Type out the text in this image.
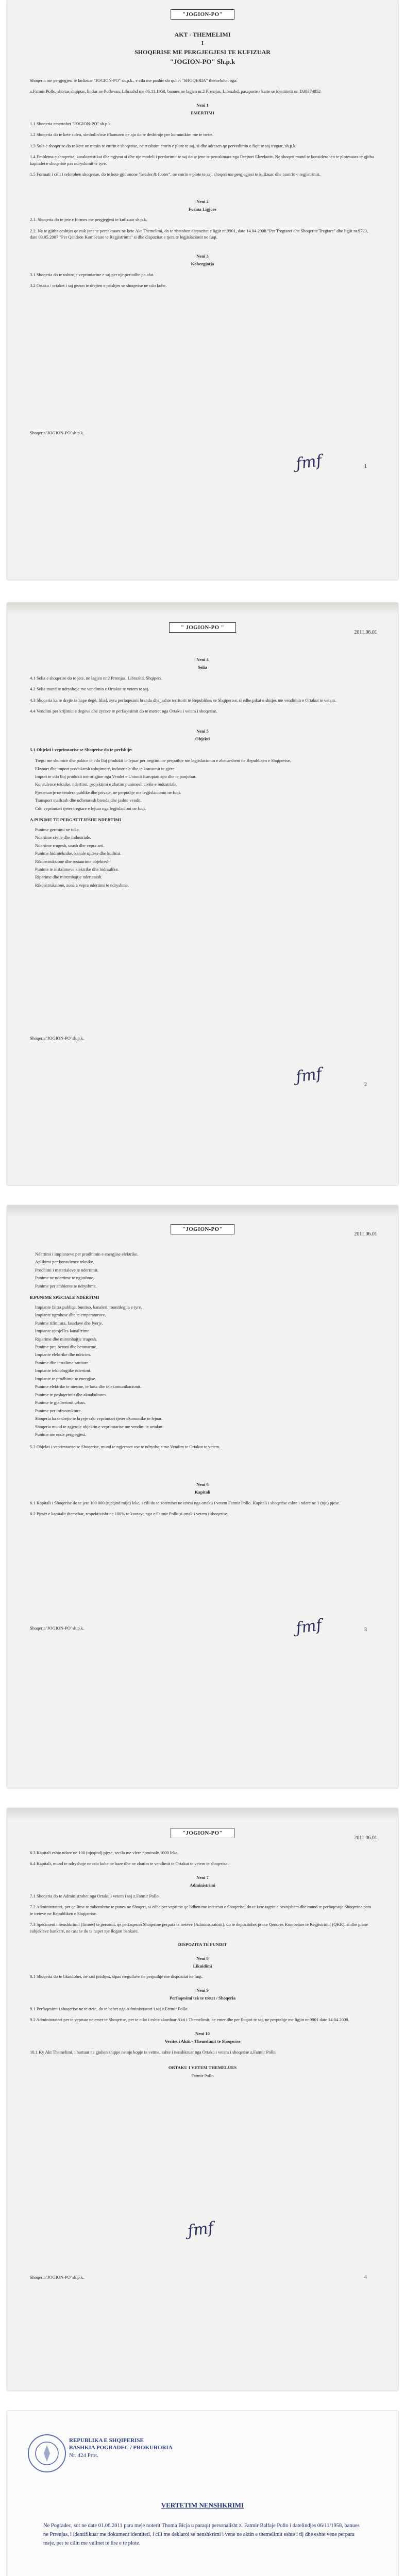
"JOGION-PO"
AKT - THEMELIMI
I
SHOQERISE ME PERGJEGJESI TE KUFIZUAR
"JOGION-PO" Sh.p.k

Shoqeria me pergjegjesi te kufizuar "JOGION-PO" sh.p.k., e cila me poshte do quhet "SHOQERIA" themelohet nga:

a.Fatmir Pollo, shtetas shqiptar, lindur ne Pollovan, Librazhd me 06.11.1958, banues ne lagjen nr.2 Prrenjas, Librazhd, pasaporte / karte se identitetit nr. D38374852

Neni 1
EMERTIMI

1.1 Shoqeria emertohet "JOGION-PO" sh.p.k.

1.2 Shoqeria do te kete sulen, simbolin/ose iflamuren qe ajo do te deshiroje per komunikim me te tretet.

1.3 Sula e shoqerise do te kete ne mesin te emrin e shoqerise, ne rreshtim emrin e plote te saj, si dhe adresen qe pervedimin e fiqit te saj tregtar, sh.p.k.

1.4 Emblema e shoqerise, karakteristikat dhe ngjyrat si dhe nje modeli i perdorimit te saj do te jene te percaktuara nga Drejtori Ekzekutiv. Ne shoqeri mund te konsiderohen te plotesuara te gjitha kapitalet e shoqerise pas ndryshimit te tyre.

1.5 Formati i cilit i referohen shoqerise, do te kete gjithmone "header & footer", ne emrin e plote te saj, shoqeri me pergjegjesi te kufizuar dhe numrin e regjistrimit.

Neni 2
Forma Ligjore

2.1. Shoqeria do te jete e formes me pergjegjesi te kufizuar sh.p.k.

2.2. Ne te gjitha ceshtjet qe nuk jane te percaktuara ne kete Akt Themelimi, do te zbatohen dispozitat e ligjit nr.9901, date 14.04.2008 "Per Tregtaret dhe Shoqerite Tregtare" dhe ligjit nr.9723, date 03.05.2007 "Per Qendren Kombetare te Regjistrimit" si dhe dispozitat e tjera te legjislacionit ne fuqi.

Neni 3
Kohezgjatja

3.1 Shoqeria do te ushtroje veprimtarine e saj per nje periudhe pa afat.

3.2 Ortaku / ortaket i saj gezon te drejten e prishjes se shoqerise ne cdo kohe.

Shoqeria"JOGION-PO"sh.p.k.
ƒmf	1
" JOGION-PO "
2011.06.01
Neni 4
Selia

4.1 Selia e shoqerise do te jete, ne lagjen nr.2 Prrenjas, Librazhd, Shqiperi.

4.2 Selia mund te ndryshoje me vendimin e Ortakut te vetem te saj.

4.3 Shoqeria ka te drejte te hape degë, filial, zyra perfaqesimi brenda dhe jashte territorit te Republikes se Shqiperise, si edhe pikat e shitjes me vendimin e Ortakut te vetem.

4.4 Vendimi per krijimin e degeve dhe zyrave te perfaqesimit do te merret nga Ortaku i vetem i shoqerise.

Neni 5
Objekti

5.1 Objekti i veprimtarise se Shoqerise do te perfshije:

Tregti me shumice dhe pakice te cdo lloj produkti te lejuar per tregtim, ne perputhje me legjislacionin e zbatueshem ne Republiken e Shqiperise.
Eksport dhe import produktesh ushqimore, industriale dhe te konsumit te gjere.
Import te cdo lloj produkti me origjine nga Vendet e Unionit Europian apo dhe te panjohur.
Konsulence teknike, ndertimi, projektimi e zbatim punimesh civile e industriale.
Pjesemarrje ne tendera publike dhe private, ne perputhje me legjislacionin ne fuqi.
Transport mallrash dhe udhetaresh brenda dhe jashte vendit.
Cdo veprimtari tjeter tregtare e lejuar nga legjislacioni ne fuqi.
A.PUNIME TE PERGATITJESHE NDERTIMI
Punime germimi ne toke.
Ndertime civile dhe industriale.
Ndertime rrugesh, urash dhe vepra arti.
Punime hidroteknike, kanale ujitese dhe kullimi.
Rikonstruksione dhe restaurime objektesh.
Punime te instalimeve elektrike dhe hidraulike.
Riparime dhe mirembajtje ndertesash.
Rikonstruksione, zona a vepra ndertimi te ndryshme.
Shoqeria"JOGION-PO"sh.p.k.
ƒmf	2
"JOGION-PO"
2011.06.01
Ndertimi i impianteve per prodhimin e energjise elektrike.
Aplikimi per konsulence teknike.
Prodhimi i materialeve te ndertimit.
Punime ne ndertime te ngjashme.
Punime per ambiente te ndryshme.
B.PUNIME SPECIALE NDERTIMI
Impiante faltra publiqe, bunitso, kanaleri, monitlegjia e tyre.
Impiante ngrohese dhe te emperaturave.
Punime rifinitura, fasadave dhe lyerje.
Impiante ujesjelles-kanalizime.
Riparime dhe mirembajtje rrugesh.
Punime prej betoni dhe betonarme.
Impiante elektrike dhe ndricim.
Punime dhe instalime sanitare.
Impiante teknologjike ndertimi.
Impiante te prodhimit te energjise.
Punime elektrike te mesme, te larta dhe telekomunikacionit.
Punime te peshqerimit dhe akuakultures.
Punime te gjelberimit urban.
Punime per infrastrukture.
Shoqeria ka te drejte te kryeje cdo veprimtari tjeter ekonomike te lejuar.
Shoqeria mund te zgjeroje objektin e veprimtarise me vendim te ortakut.
Punime me ende pergjegjesi.

5.2 Objekti i veprimtarise se Shoqerise, mund te ngjeroset ose te ndryshoje me Vendim te Ortakut te vetem.

Neni 6
Kapitali

6.1 Kapitali i Shoqerise do te jete 100 000 (njeqind mije) leke, i cili do te zoteruhet ne teresi nga ortaku i vetem Fatmir Pollo. Kapitali i shoqerise eshte i ndare ne 1 (nje) pjese.

6.2 Pjesët e kapitalit themeltar, respektivisht ne 100% te kuotave nga z.Fatmir Pollo si ortak i vetem i shoqerise.

Shoqeria"JOGION-PO"sh.p.k.	ƒmf	3
"JOGION-PO"
2011.06.01

6.3 Kapitali eshte ndare ne 100 (njeqind) pjese, secila me vlere nominale 1000 leke.

6.4 Kapitali, mund te ndryshoje ne cdo kohe ne baze dhe ne zbatim te vendimit te Ortakut te vetem te shoqerise.

Neni 7
Administrimi

7.1 Shoqeria do te Administrohet nga Ortaku i vetem i saj z.Fatmir Pollo

7.2 Administratori, per qellime te zakonshme te punes ne Shoqeri, si edhe per veprime qe lidhen me interesat e Shoqerise, do te kete tagrin e nevojshem dhe mund te perfaqesoje Shoqerine para te treteve ne Republiken e Shqiperise.

7.3 Specimeni i nenshkrimit (firmes) te personit, qe perfaqeson Shoqerine perpara te treteve (Administratorit), do te depozitohet prane Qendres Kombetare te Regjistrimit (QKR), si dhe prane subjekteve bankare, ne rast se do te hapet nje llogari bankare.

DISPOZITA TE FUNDIT
Neni 8
Likuidimi

8.1 Shoqeria do te likuidohet, ne rast prishjes, sipas rregullave ne perputhje me dispozitat ne fuqi.

Neni 9
Perfaqesimi tek te tretet / Shoqeria

9.1 Perfaqesimi i shoqerise ne te trete, do te behet nga Administratori i saj z.Fatmir Pollo.

9.2 Administratori per te vepruar ne emer te Shoqerise, per te cilat i eshte akorduar Akti i Themelimit, ne emer dhe per llogari te saj, ne perputhje me ligjin nr.9901 date 14.04.2008.

Neni 10
Veritet i Aktit - Themelimit te Shoqerise

10.1 Ky Akt Themelimi, i hartuar ne gjuhen shqipe ne nje kopje te vetme, eshte i nenshkruar nga Ortaku i vetem i shoqerise z.Fatmir Pollo.

ORTAKU I VETEM THEMELUES
Fatmir Pollo
ƒmf
Shoqeria"JOGION-PO"sh.p.k.	4
REPUBLIKA E SHQIPERISE
BASHKIA POGRADEC / PROKURORIA
Nr. 424 Prot.
VERTETIM NENSHKRIMI
Ne Pogradec, sot ne date 01.06.2011 para meje noterit Thoma Bicja u paraqit personalisht z. Fatmir Balfaje Pollo i datelindjes 06/11/1958, banues ne Prrenjas, i identifikuar me dokument identiteti, i cili me deklaroi se nenshkrimi i vene ne aktin e themelimit eshte i tij dhe eshte vene perpara meje, per te cilin me vullnet te lire e te plote.
